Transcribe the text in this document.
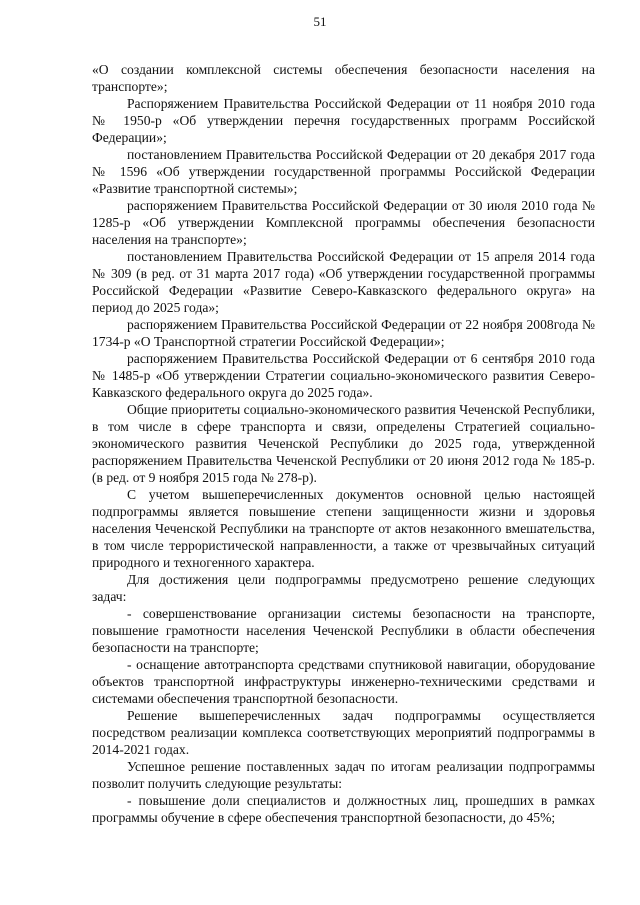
51

«О создании комплексной системы обеспечения безопасности населения на транспорте»;

Распоряжением Правительства Российской Федерации от 11 ноября 2010 года № 1950-р «Об утверждении перечня государственных программ Российской Федерации»;

постановлением Правительства Российской Федерации от 20 декабря 2017 года № 1596 «Об утверждении государственной программы Российской Федерации «Развитие транспортной системы»;

распоряжением Правительства Российской Федерации от 30 июля 2010 года № 1285-р «Об утверждении Комплексной программы обеспечения безопасности населения на транспорте»;

постановлением Правительства Российской Федерации от 15 апреля 2014 года № 309 (в ред. от 31 марта 2017 года) «Об утверждении государственной программы Российской Федерации «Развитие Северо-Кавказского федерального округа» на период до 2025 года»;

распоряжением Правительства Российской Федерации от 22 ноября 2008года № 1734-р «О Транспортной стратегии Российской Федерации»;

распоряжением Правительства Российской Федерации от 6 сентября 2010 года № 1485-р «Об утверждении Стратегии социально-экономического развития Северо-Кавказского федерального округа до 2025 года».

Общие приоритеты социально-экономического развития Чеченской Республики, в том числе в сфере транспорта и связи, определены Стратегией социально-экономического развития Чеченской Республики до 2025 года, утвержденной распоряжением Правительства Чеченской Республики от 20 июня 2012 года № 185-р. (в ред. от 9 ноября 2015 года № 278-р).

С учетом вышеперечисленных документов основной целью настоящей подпрограммы является повышение степени защищенности жизни и здоровья населения Чеченской Республики на транспорте от актов незаконного вмешательства, в том числе террористической направленности, а также от чрезвычайных ситуаций природного и техногенного характера.

Для достижения цели подпрограммы предусмотрено решение следующих задач:

- совершенствование организации системы безопасности на транспорте, повышение грамотности населения Чеченской Республики в области обеспечения безопасности на транспорте;

- оснащение автотранспорта средствами спутниковой навигации, оборудование объектов транспортной инфраструктуры инженерно-техническими средствами и системами обеспечения транспортной безопасности.

Решение вышеперечисленных задач подпрограммы осуществляется посредством реализации комплекса соответствующих мероприятий подпрограммы в 2014-2021 годах.

Успешное решение поставленных задач по итогам реализации подпрограммы позволит получить следующие результаты:

- повышение доли специалистов и должностных лиц, прошедших в рамках программы обучение в сфере обеспечения транспортной безопасности, до 45%;
